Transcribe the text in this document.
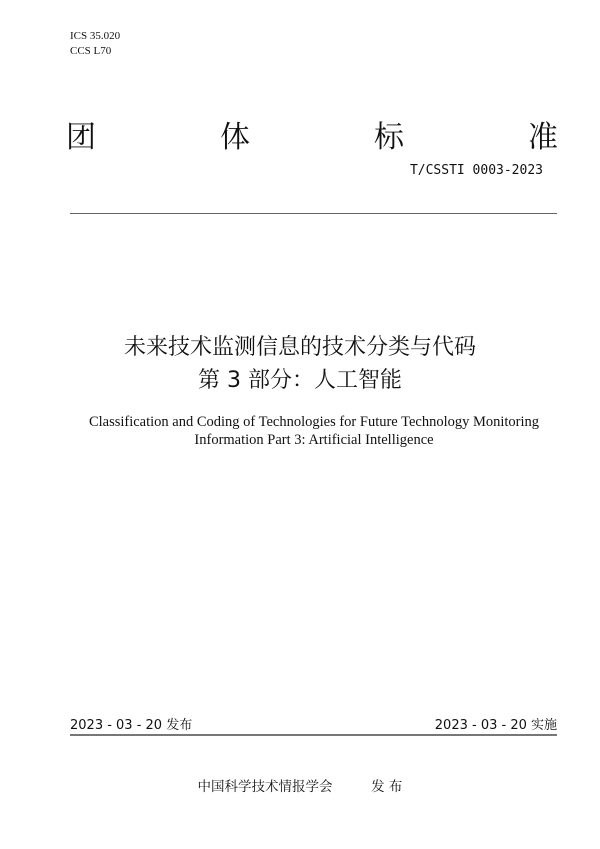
ICS 35.020
CCS L70
团	体	标	准
T/CSSTI 0003-2023
未来技术监测信息的技术分类与代码
第 3 部分：人工智能
Classification and Coding of Technologies for Future Technology Monitoring
Information Part 3: Artificial Intelligence
2023 - 03 - 20 发布	2023 - 03 - 20 实施
中国科学技术情报学会	发 布
